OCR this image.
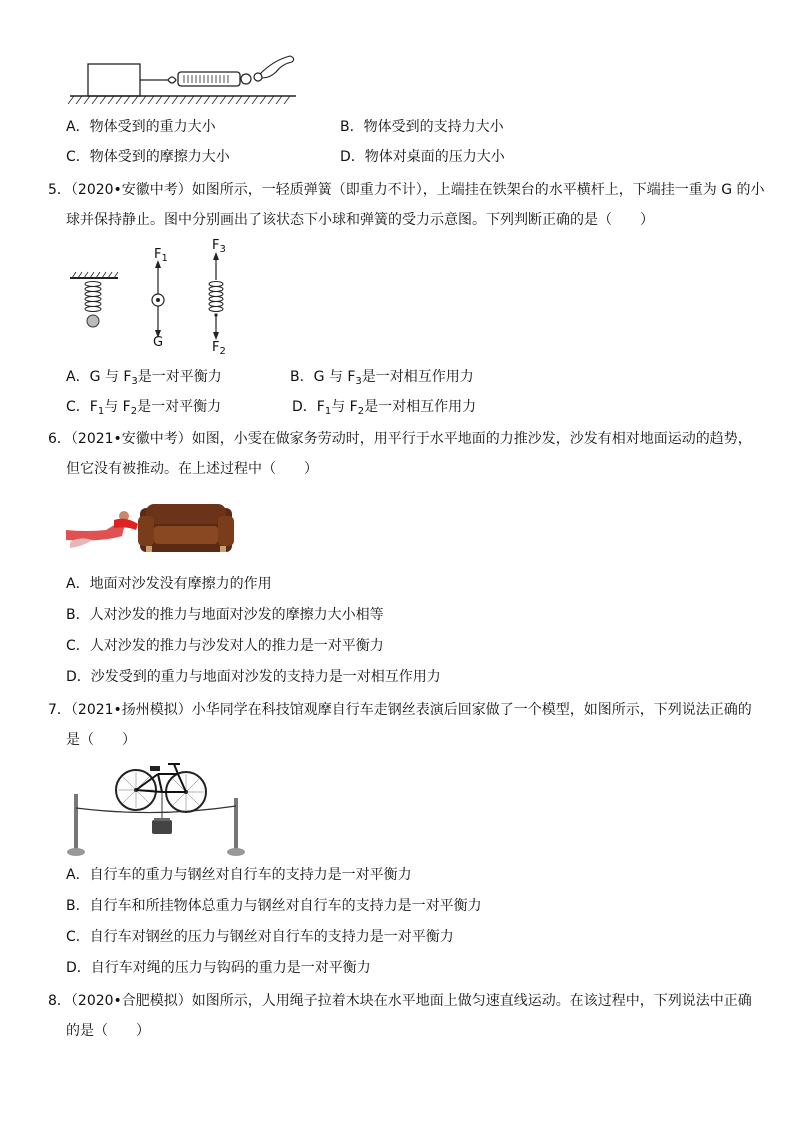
A．物体受到的重力大小	B．物体受到的支持力大小
C．物体受到的摩擦力大小	D．物体对桌面的压力大小
5．（2020•安徽中考）如图所示，一轻质弹簧（即重力不计），上端挂在铁架台的水平横杆上，下端挂一重为 G 的小
球并保持静止。图中分别画出了该状态下小球和弹簧的受力示意图。下列判断正确的是（　　）
$F_1$
G
$F_3$
$F_2$
A．G 与 $F_3$是一对平衡力	B．G 与 $F_3$是一对相互作用力
C．$F_1$与 $F_2$是一对平衡力	D．$F_1$与 $F_2$是一对相互作用力
6．（2021•安徽中考）如图，小雯在做家务劳动时，用平行于水平地面的力推沙发，沙发有相对地面运动的趋势，
但它没有被推动。在上述过程中（　　）
A．地面对沙发没有摩擦力的作用
B．人对沙发的推力与地面对沙发的摩擦力大小相等
C．人对沙发的推力与沙发对人的推力是一对平衡力
D．沙发受到的重力与地面对沙发的支持力是一对相互作用力
7．（2021•扬州模拟）小华同学在科技馆观摩自行车走钢丝表演后回家做了一个模型，如图所示，下列说法正确的
是（　　）
A．自行车的重力与钢丝对自行车的支持力是一对平衡力
B．自行车和所挂物体总重力与钢丝对自行车的支持力是一对平衡力
C．自行车对钢丝的压力与钢丝对自行车的支持力是一对平衡力
D．自行车对绳的压力与钩码的重力是一对平衡力
8．（2020•合肥模拟）如图所示，人用绳子拉着木块在水平地面上做匀速直线运动。在该过程中，下列说法中正确
的是（　　）
